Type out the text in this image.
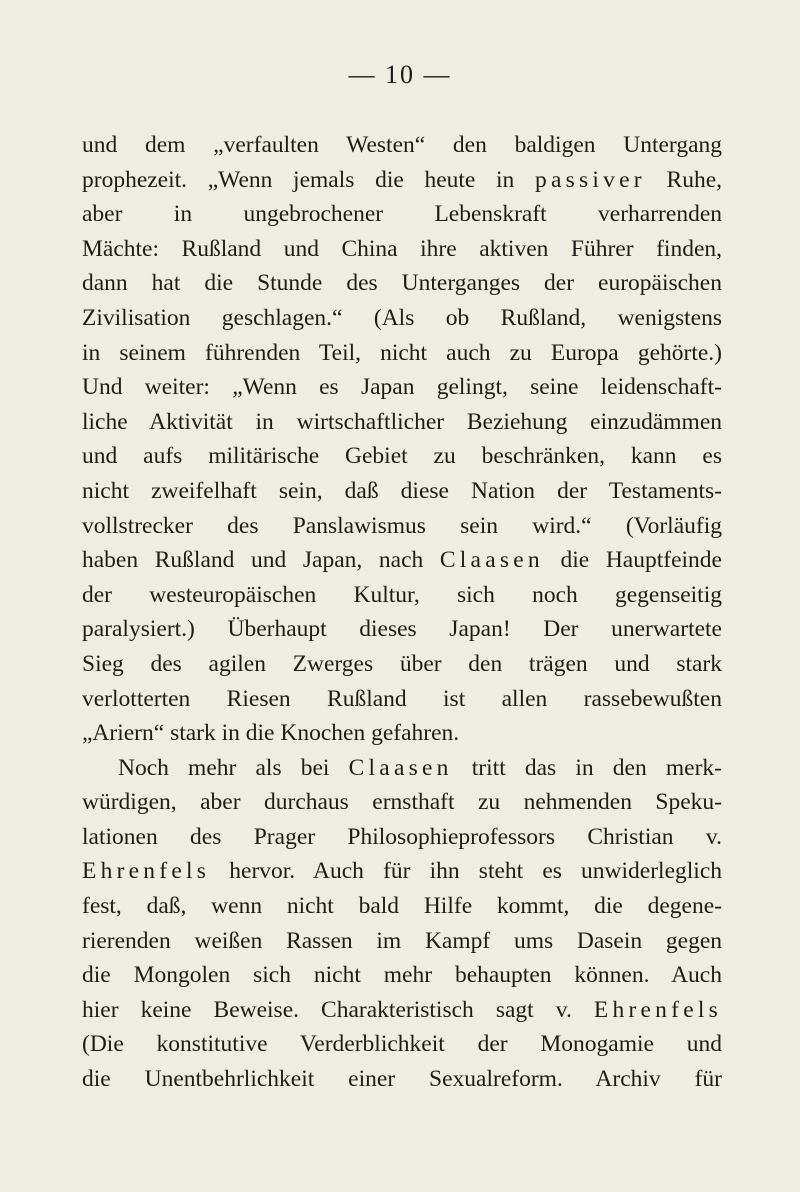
— 10 —
und dem „verfaulten Westen“ den baldigen Untergang
prophezeit. „Wenn jemals die heute in passiver Ruhe,
aber in ungebrochener Lebenskraft verharrenden
Mächte: Rußland und China ihre aktiven Führer finden,
dann hat die Stunde des Unterganges der europäischen
Zivilisation geschlagen.“ (Als ob Rußland, wenigstens
in seinem führenden Teil, nicht auch zu Europa gehörte.)
Und weiter: „Wenn es Japan gelingt, seine leidenschaft-
liche Aktivität in wirtschaftlicher Beziehung einzudämmen
und aufs militärische Gebiet zu beschränken, kann es
nicht zweifelhaft sein, daß diese Nation der Testaments-
vollstrecker des Panslawismus sein wird.“ (Vorläufig
haben Rußland und Japan, nach Claasen die Hauptfeinde
der westeuropäischen Kultur, sich noch gegenseitig
paralysiert.) Überhaupt dieses Japan! Der unerwartete
Sieg des agilen Zwerges über den trägen und stark
verlotterten Riesen Rußland ist allen rassebewußten
„Ariern“ stark in die Knochen gefahren.
Noch mehr als bei Claasen tritt das in den merk-
würdigen, aber durchaus ernsthaft zu nehmenden Speku-
lationen des Prager Philosophieprofessors Christian v.
Ehrenfels hervor. Auch für ihn steht es unwiderleglich
fest, daß, wenn nicht bald Hilfe kommt, die degene-
rierenden weißen Rassen im Kampf ums Dasein gegen
die Mongolen sich nicht mehr behaupten können. Auch
hier keine Beweise. Charakteristisch sagt v. Ehrenfels
(Die konstitutive Verderblichkeit der Monogamie und
die Unentbehrlichkeit einer Sexualreform. Archiv für
